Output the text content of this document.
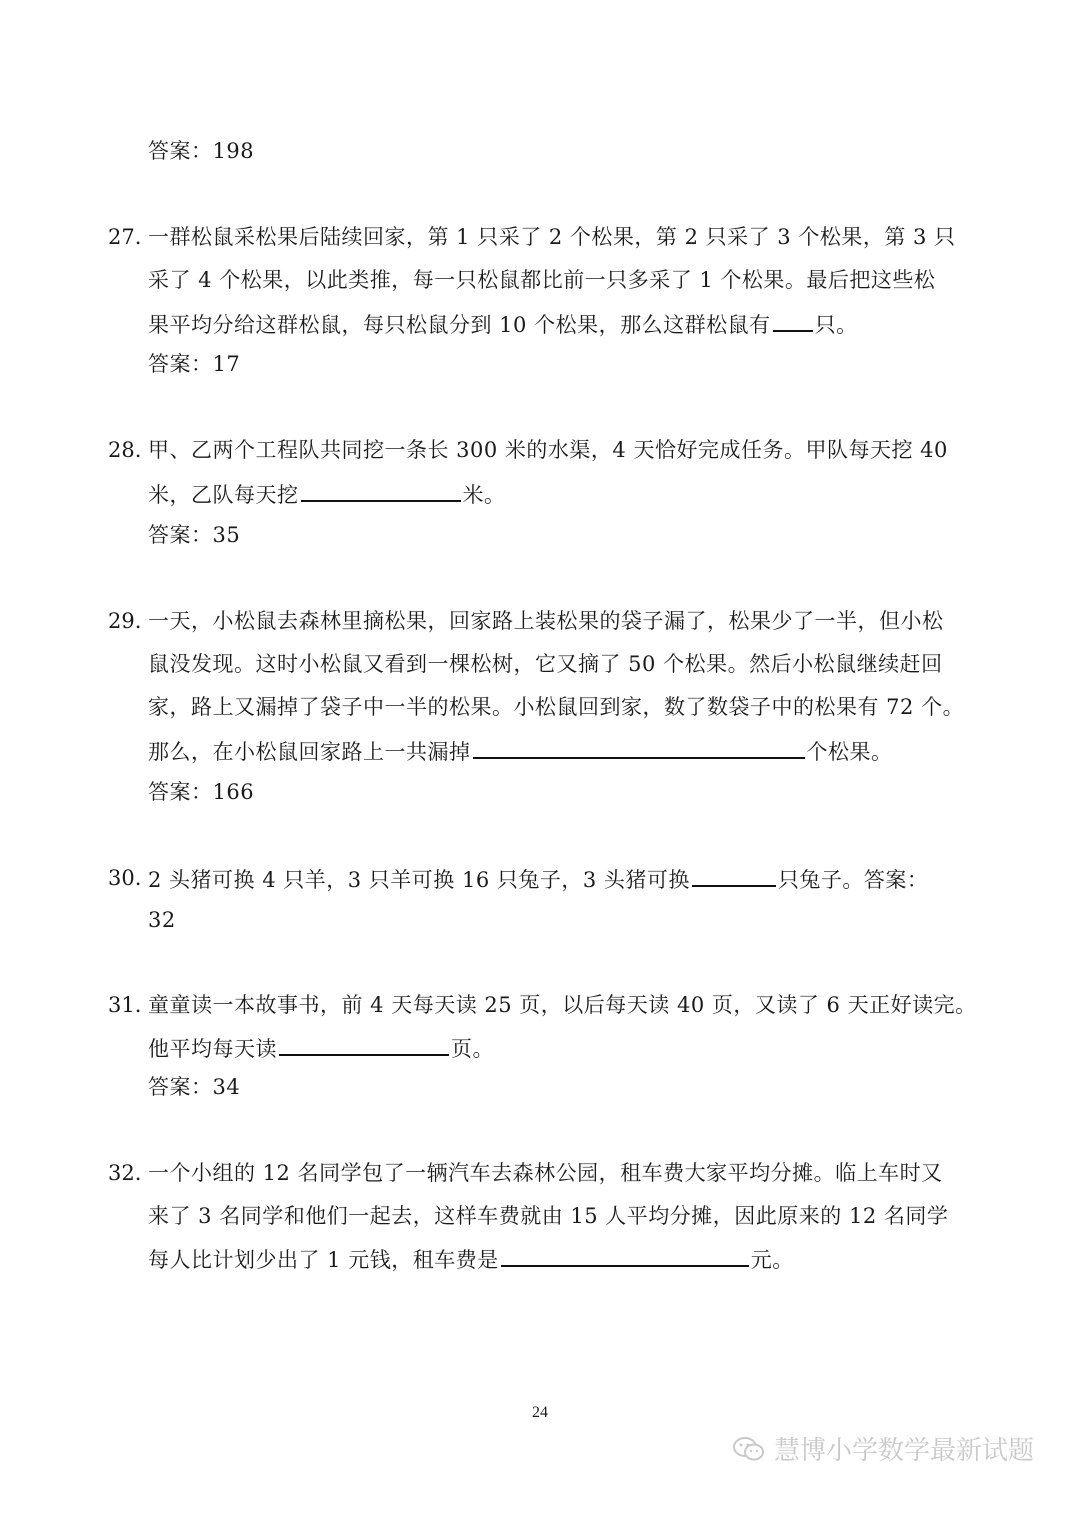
答案：198
27. 一群松鼠采松果后陆续回家，第 1 只采了 2 个松果，第 2 只采了 3 个松果，第 3 只
采了 4 个松果，以此类推，每一只松鼠都比前一只多采了 1 个松果。最后把这些松
果平均分给这群松鼠，每只松鼠分到 10 个松果，那么这群松鼠有 只。
答案：17
28. 甲、乙两个工程队共同挖一条长 300 米的水渠，4 天恰好完成任务。甲队每天挖 40
米，乙队每天挖	米。
答案：35
29. 一天，小松鼠去森林里摘松果，回家路上装松果的袋子漏了，松果少了一半，但小松
鼠没发现。这时小松鼠又看到一棵松树，它又摘了 50 个松果。然后小松鼠继续赶回
家，路上又漏掉了袋子中一半的松果。小松鼠回到家，数了数袋子中的松果有 72 个。
那么，在小松鼠回家路上一共漏掉	个松果。
答案：166
30. 2 头猪可换 4 只羊，3 只羊可换 16 只兔子，3 头猪可换	只兔子。答案：
32
31. 童童读一本故事书，前 4 天每天读 25 页，以后每天读 40 页，又读了 6 天正好读完。
他平均每天读	页。
答案：34
32. 一个小组的 12 名同学包了一辆汽车去森林公园，租车费大家平均分摊。临上车时又
来了 3 名同学和他们一起去，这样车费就由 15 人平均分摊，因此原来的 12 名同学
每人比计划少出了 1 元钱，租车费是	元。
24
慧博小学数学最新试题
